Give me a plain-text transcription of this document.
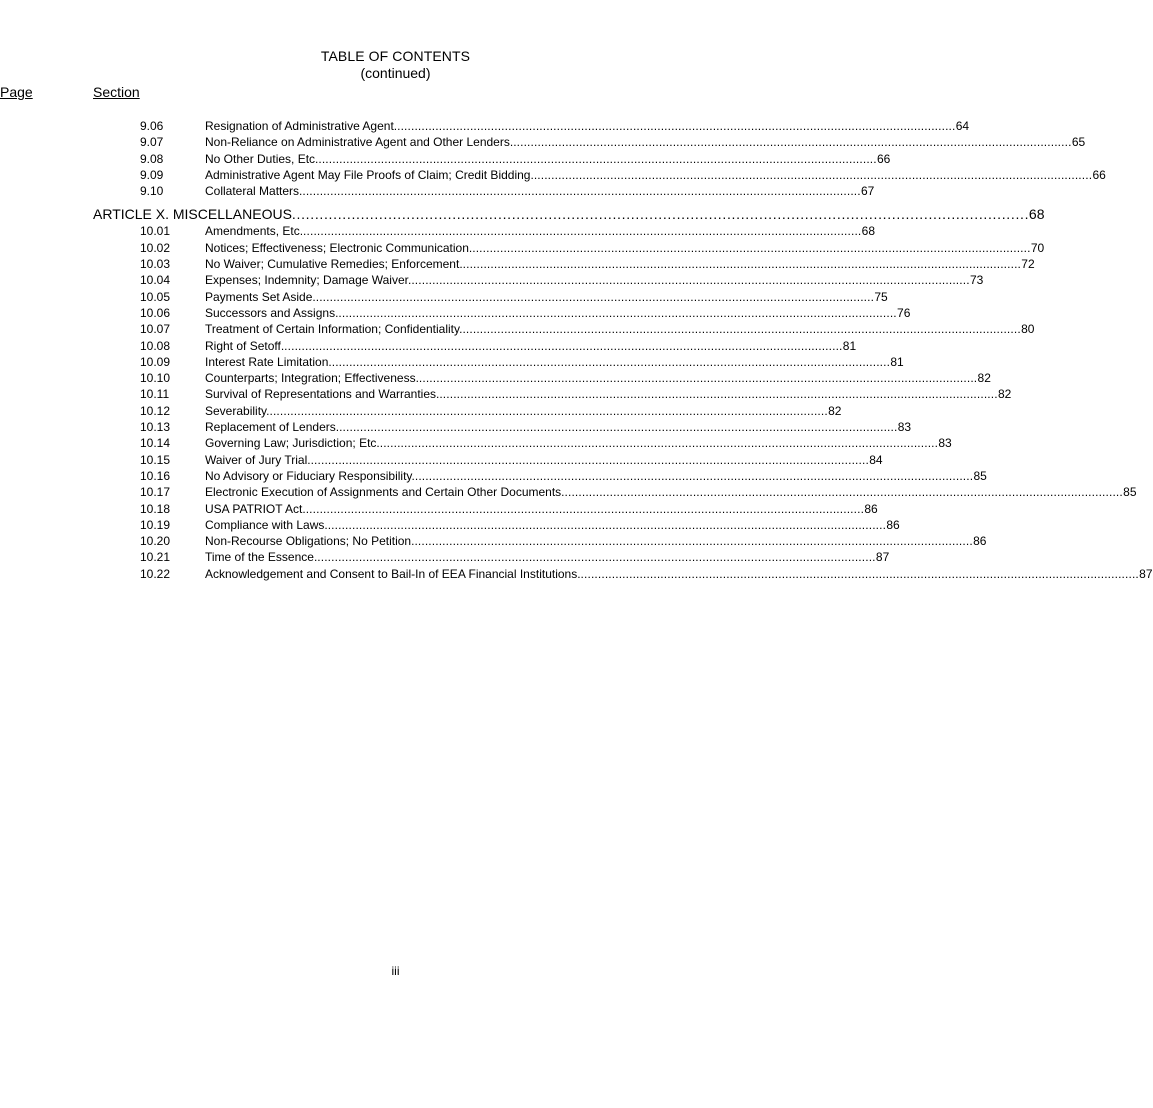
TABLE OF CONTENTS
(continued)
Section
Page
9.06	Resignation of Administrative Agent. . . .	64
9.07	Non-Reliance on Administrative Agent and Other Lenders. . . .	65
9.08	No Other Duties, Etc. . . .	66
9.09	Administrative Agent May File Proofs of Claim; Credit Bidding. . . .	66
9.10	Collateral Matters. . . .	67
ARTICLE X. MISCELLANEOUS . . .	68
10.01	Amendments, Etc. . . .	68
10.02	Notices; Effectiveness; Electronic Communication. . . .	70
10.03	No Waiver; Cumulative Remedies; Enforcement. . . .	72
10.04	Expenses; Indemnity; Damage Waiver. . . .	73
10.05	Payments Set Aside. . . .	75
10.06	Successors and Assigns. . . .	76
10.07	Treatment of Certain Information; Confidentiality. . . .	80
10.08	Right of Setoff. . . .	81
10.09	Interest Rate Limitation. . . .	81
10.10	Counterparts; Integration; Effectiveness. . . .	82
10.11	Survival of Representations and Warranties. . . .	82
10.12	Severability. . . .	82
10.13	Replacement of Lenders. . . .	83
10.14	Governing Law; Jurisdiction; Etc. . . .	83
10.15	Waiver of Jury Trial. . . .	84
10.16	No Advisory or Fiduciary Responsibility. . . .	85
10.17	Electronic Execution of Assignments and Certain Other Documents. . . .	85
10.18	USA PATRIOT Act. . . .	86
10.19	Compliance with Laws. . . .	86
10.20	Non-Recourse Obligations; No Petition. . . .	86
10.21	Time of the Essence. . . .	87
10.22	Acknowledgement and Consent to Bail-In of EEA Financial Institutions. . . .	87
iii
